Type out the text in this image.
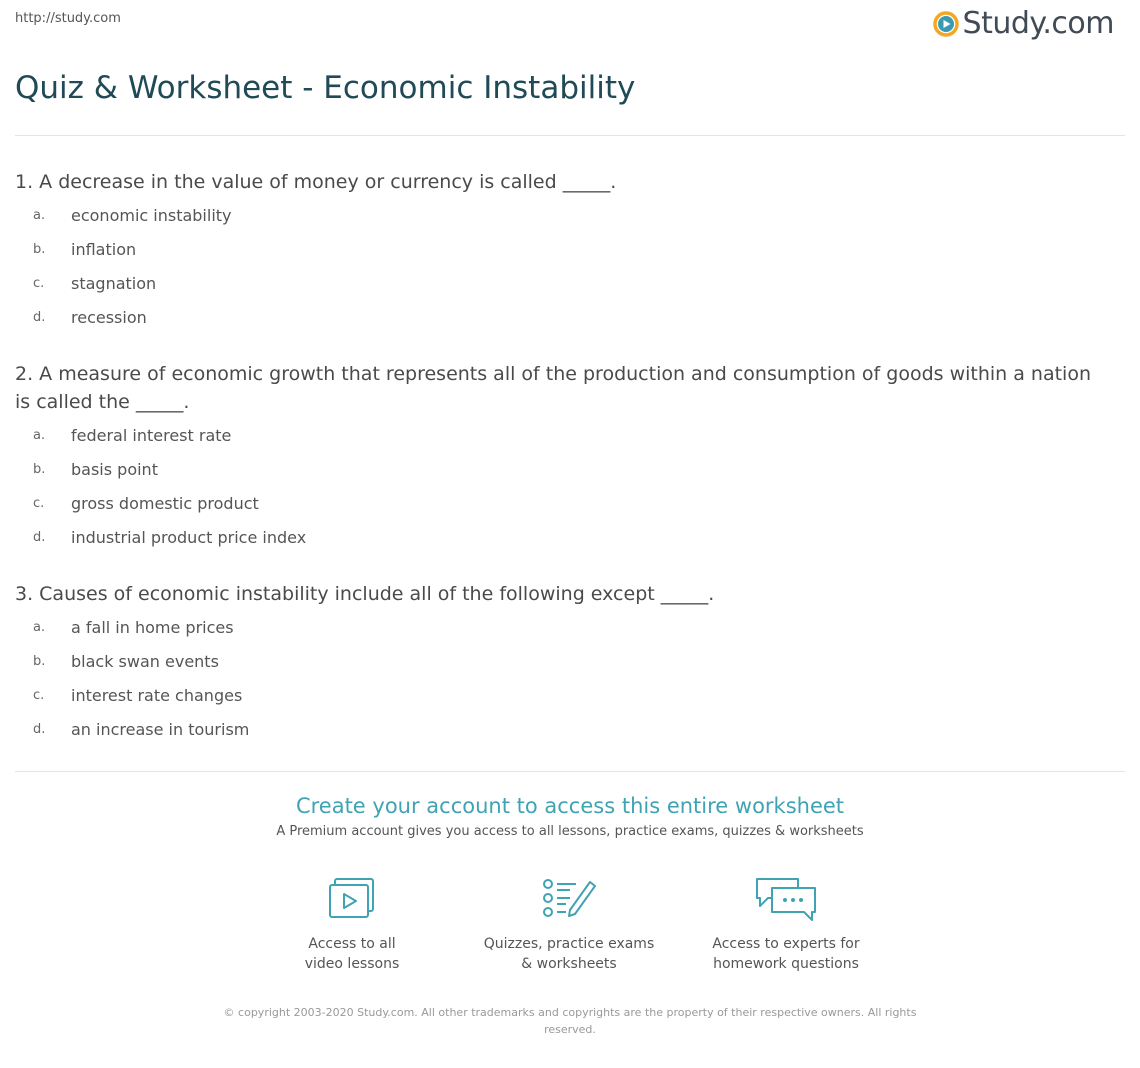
http://study.com	Study.com
Quiz & Worksheet - Economic Instability

1. A decrease in the value of money or currency is called _____.

a.	economic instability
b.	inflation
c.	stagnation
d.	recession

2. A measure of economic growth that represents all of the production and consumption of goods within a nation is called the _____.

a.	federal interest rate
b.	basis point
c.	gross domestic product
d.	industrial product price index

3. Causes of economic instability include all of the following except _____.

a.	a fall in home prices
b.	black swan events
c.	interest rate changes
d.	an increase in tourism

Create your account to access this entire worksheet

A Premium account gives you access to all lessons, practice exams, quizzes & worksheets
Access to all
video lessons
Quizzes, practice exams
& worksheets
Access to experts for
homework questions
© copyright 2003-2020 Study.com. All other trademarks and copyrights are the property of their respective owners. All rights reserved.
